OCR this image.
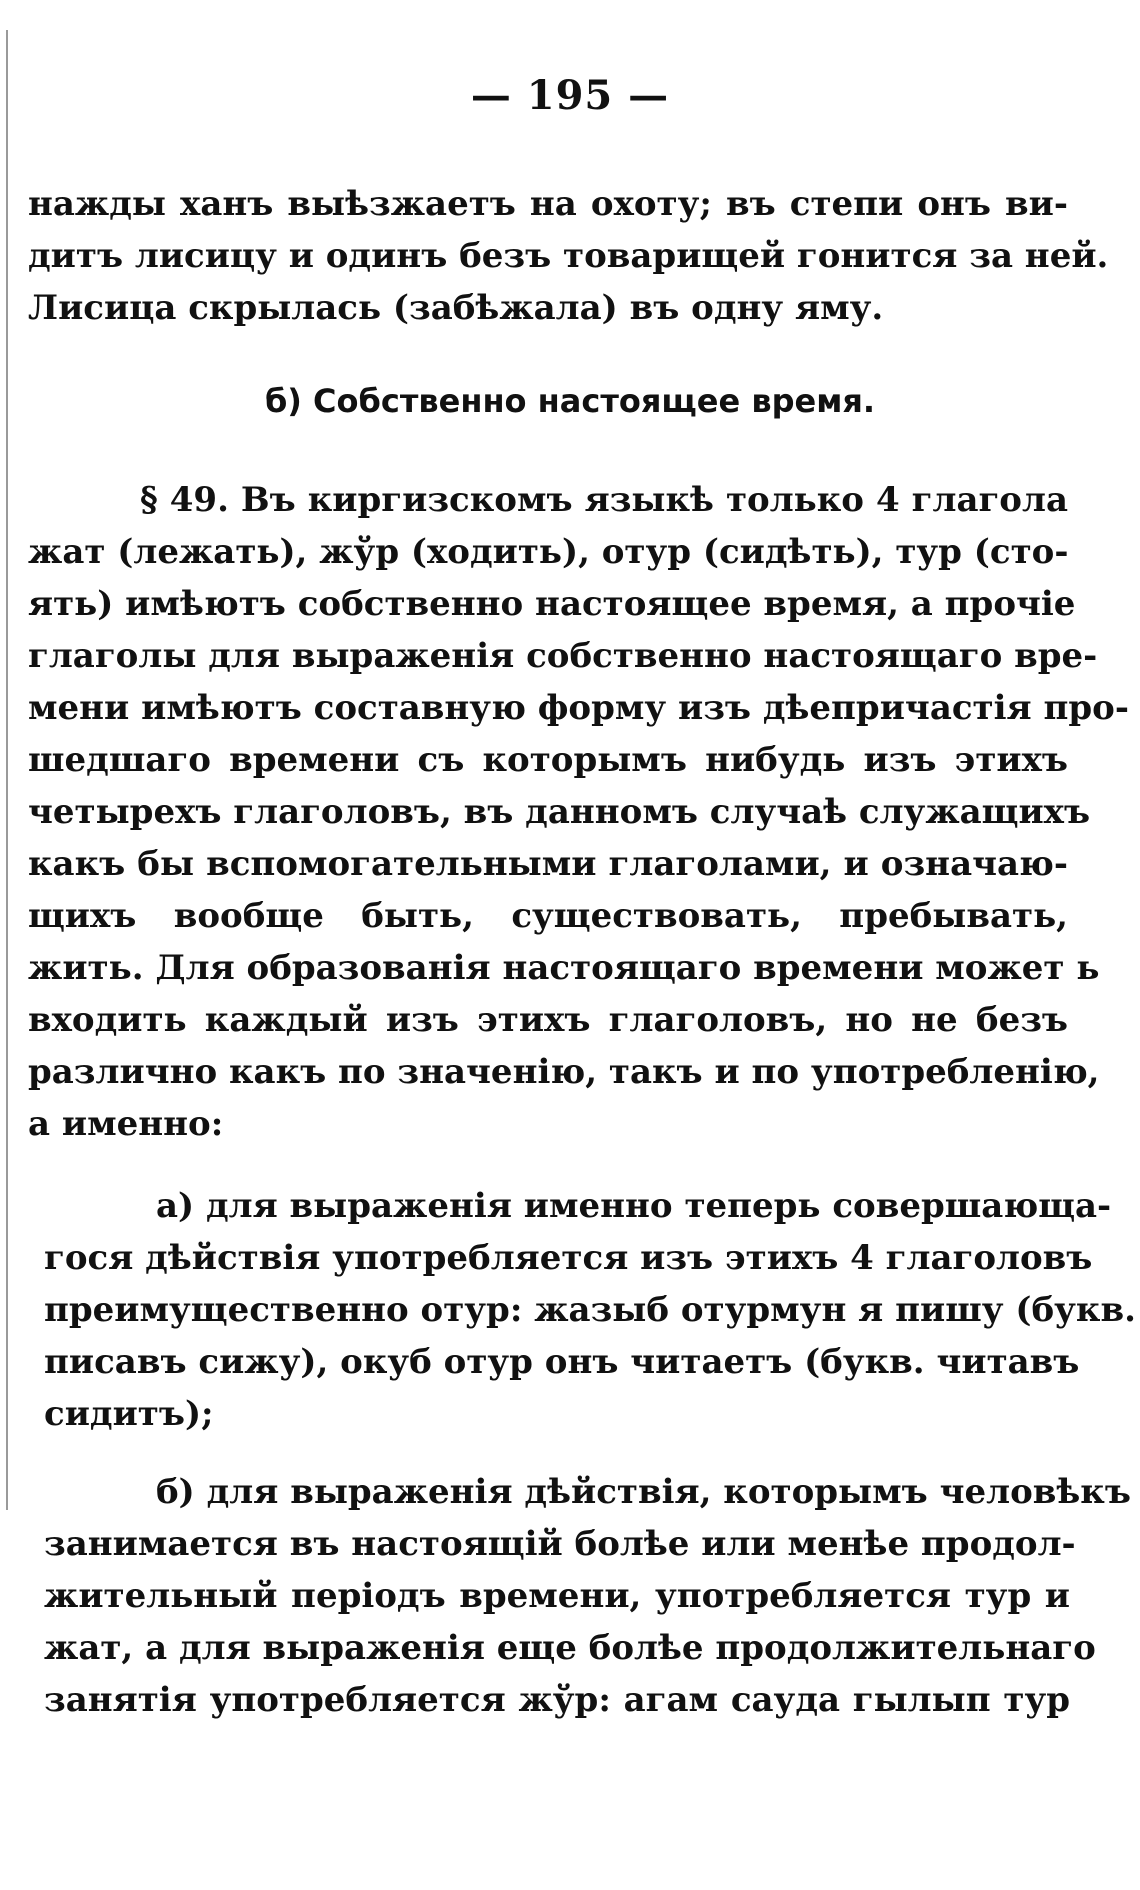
— 195 —
нажды ханъ выѣзжаетъ на охоту; въ степи онъ ви-
дитъ лисицу и одинъ безъ товарищей гонится за ней.
Лисица скрылась (забѣжала) въ одну яму.
б) Собственно настоящее время.
§ 49. Въ киргизскомъ языкѣ только 4 глагола
жат (лежать), жўр (ходить), отур (сидѣть), тур (сто-
ять) имѣютъ собственно настоящее время, а прочіе
глаголы для выраженія собственно настоящаго вре-
мени имѣютъ составную форму изъ дѣепричастія про-
шедшаго времени съ которымъ нибудь изъ этихъ
четырехъ глаголовъ, въ данномъ случаѣ служащихъ
какъ бы вспомогательными глаголами, и означаю-
щихъ вообще быть, существовать, пребывать,
жить. Для образованія настоящаго времени может ь
входить каждый изъ этихъ глаголовъ, но не безъ
различно какъ по значенію, такъ и по употребленію,
а именно:
а) для выраженія именно теперь совершающа-
гося дѣйствія употребляется изъ этихъ 4 глаголовъ
преимущественно отур: жазыб отурмун я пишу (букв.
писавъ сижу), окуб отур онъ читаетъ (букв. читавъ
сидитъ);
б) для выраженія дѣйствія, которымъ человѣкъ
занимается въ настоящій болѣе или менѣе продол-
жительный періодъ времени, употребляется тур и
жат, а для выраженія еще болѣе продолжительнаго
занятія употребляется жўр: агам сауда гылып тур
